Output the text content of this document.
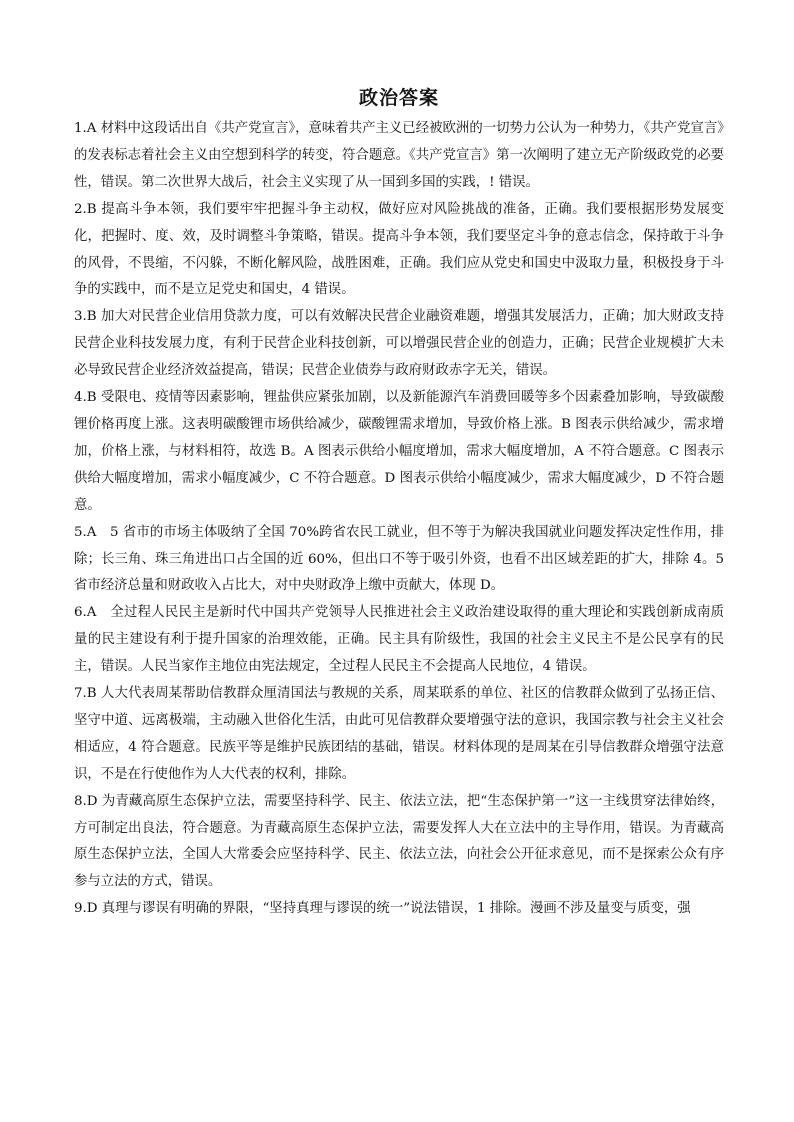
政治答案

1.A 材料中这段话出自《共产党宣言》，意味着共产主义已经被欧洲的一切势力公认为一种势力，《共产党宣言》的发表标志着社会主义由空想到科学的转变，符合题意。《共产党宣言》第一次阐明了建立无产阶级政党的必要性，错误。第二次世界大战后，社会主义实现了从一国到多国的实践，! 错误。

2.B 提高斗争本领，我们要牢牢把握斗争主动权，做好应对风险挑战的准备，正确。我们要根据形势发展变化，把握时、度、效，及时调整斗争策略，错误。提高斗争本领，我们要坚定斗争的意志信念，保持敢于斗争的风骨，不畏缩，不闪躲，不断化解风险，战胜困难，正确。我们应从党史和国史中汲取力量，积极投身于斗争的实践中，而不是立足党史和国史，4 错误。

3.B 加大对民营企业信用贷款力度，可以有效解决民营企业融资难题，增强其发展活力，正确；加大财政支持民营企业科技发展力度，有利于民营企业科技创新，可以增强民营企业的创造力，正确；民营企业规模扩大未必导致民营企业经济效益提高，错误；民营企业债券与政府财政赤字无关，错误。

4.B 受限电、疫情等因素影响，锂盐供应紧张加剧，以及新能源汽车消费回暖等多个因素叠加影响，导致碳酸锂价格再度上涨。这表明碳酸锂市场供给减少，碳酸锂需求增加，导致价格上涨。B 图表示供给减少，需求增加，价格上涨，与材料相符，故选 B。A 图表示供给小幅度增加，需求大幅度增加，A 不符合题意。C 图表示供给大幅度增加，需求小幅度减少，C 不符合题意。D 图表示供给小幅度减少，需求大幅度减少，D 不符合题意。

5.A　5 省市的市场主体吸纳了全国 70%跨省农民工就业，但不等于为解决我国就业问题发挥决定性作用，排除；长三角、珠三角进出口占全国的近 60%，但出口不等于吸引外资，也看不出区域差距的扩大，排除 4。5 省市经济总量和财政收入占比大，对中央财政净上缴中贡献大，体现 D。

6.A　全过程人民民主是新时代中国共产党领导人民推进社会主义政治建设取得的重大理论和实践创新成南质量的民主建设有利于提升国家的治理效能，正确。民主具有阶级性，我国的社会主义民主不是公民享有的民主，错误。人民当家作主地位由宪法规定，全过程人民民主不会提高人民地位，4 错误。

7.B 人大代表周某帮助信教群众厘清国法与教规的关系，周某联系的单位、社区的信教群众做到了弘扬正信、坚守中道、远离极端，主动融入世俗化生活，由此可见信教群众要增强守法的意识，我国宗教与社会主义社会相适应，4 符合题意。民族平等是维护民族团结的基础，错误。材料体现的是周某在引导信教群众增强守法意识，不是在行使他作为人大代表的权利，排除。

8.D 为青藏高原生态保护立法，需要坚持科学、民主、依法立法，把“生态保护第一”这一主线贯穿法律始终，方可制定出良法，符合题意。为青藏高原生态保护立法，需要发挥人大在立法中的主导作用，错误。为青藏高原生态保护立法，全国人大常委会应坚持科学、民主、依法立法，向社会公开征求意见，而不是探索公众有序参与立法的方式，错误。

9.D 真理与谬误有明确的界限，“坚持真理与谬误的统一”说法错误，1 排除。漫画不涉及量变与质变，强
